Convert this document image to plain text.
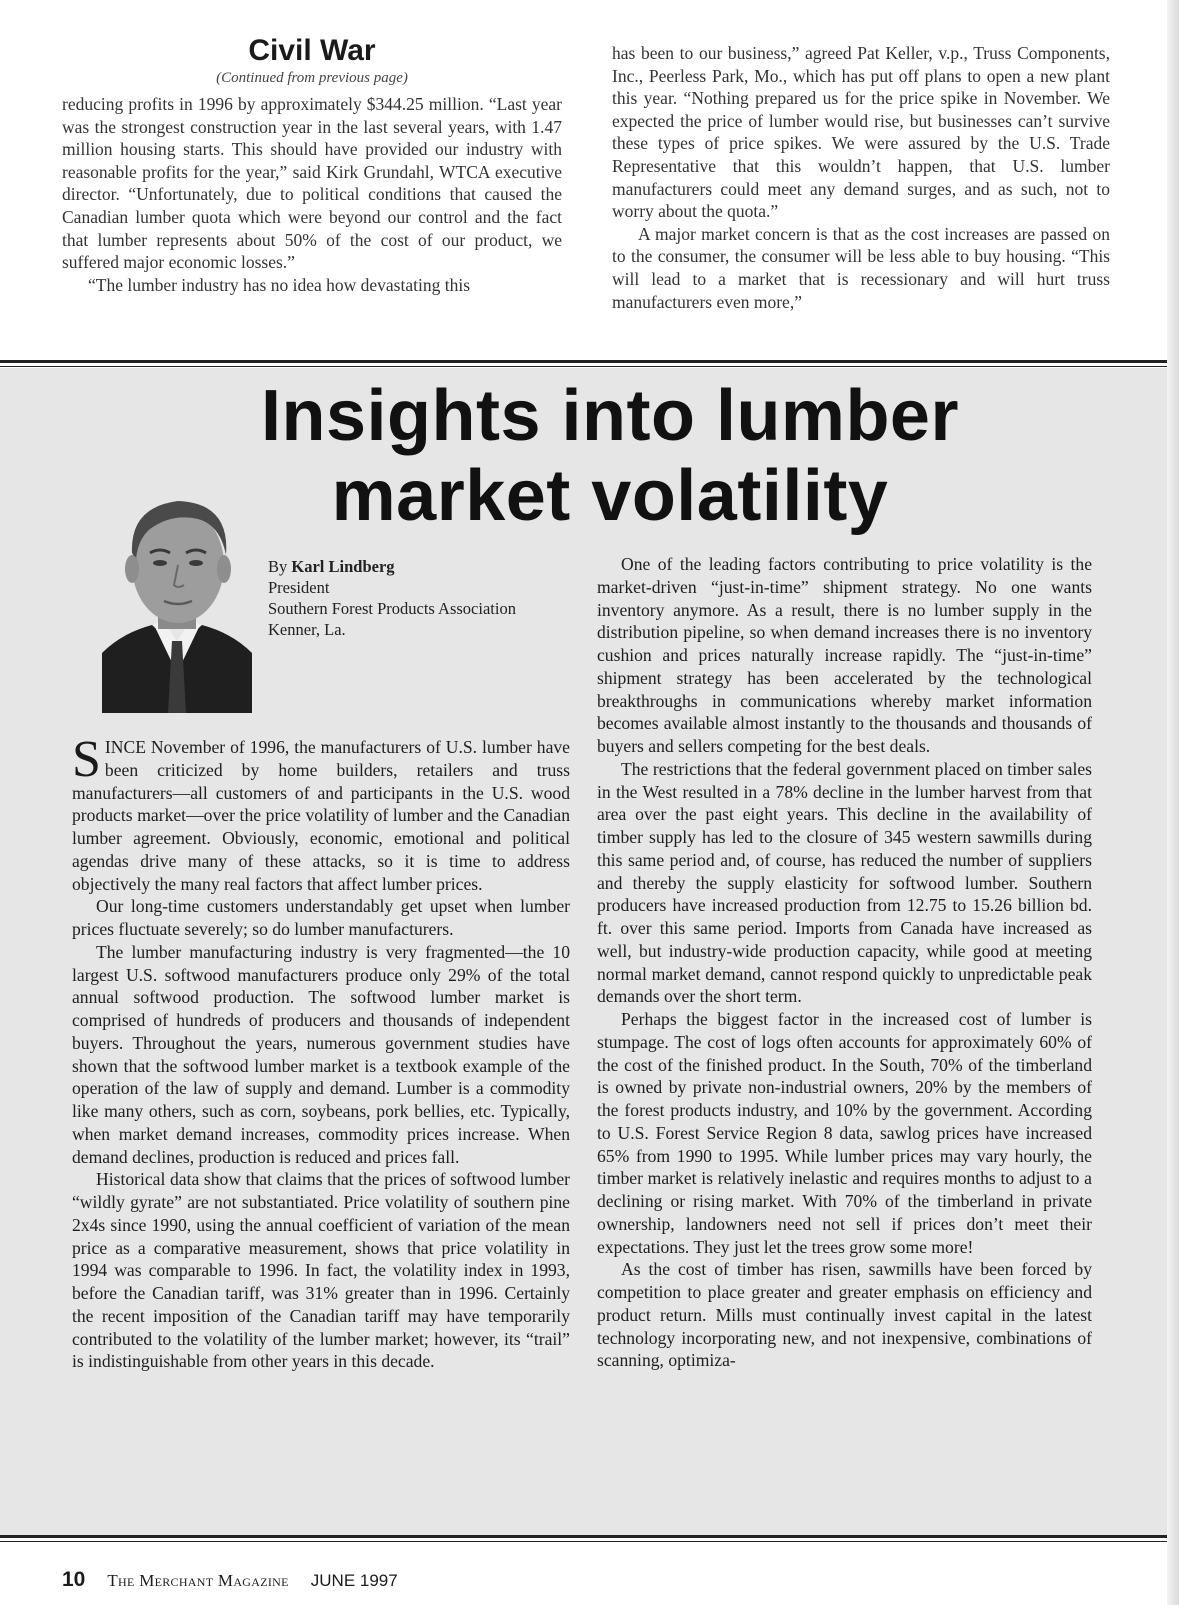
Civil War
(Continued from previous page)

reducing profits in 1996 by approximately $344.25 million. “Last year was the strongest construction year in the last several years, with 1.47 million housing starts. This should have provided our industry with reasonable profits for the year,” said Kirk Grundahl, WTCA executive director. “Unfortunately, due to political conditions that caused the Canadian lumber quota which were beyond our control and the fact that lumber represents about 50% of the cost of our product, we suffered major economic losses.”

“The lumber industry has no idea how devastating this

has been to our business,” agreed Pat Keller, v.p., Truss Components, Inc., Peerless Park, Mo., which has put off plans to open a new plant this year. “Nothing prepared us for the price spike in November. We expected the price of lumber would rise, but businesses can’t survive these types of price spikes. We were assured by the U.S. Trade Representative that this wouldn’t happen, that U.S. lumber manufacturers could meet any demand surges, and as such, not to worry about the quota.”

A major market concern is that as the cost increases are passed on to the consumer, the consumer will be less able to buy housing. “This will lead to a market that is recessionary and will hurt truss manufacturers even more,”

Insights into lumber
market volatility
By Karl Lindberg
President
Southern Forest Products Association
Kenner, La.

SINCE November of 1996, the manufacturers of U.S. lumber have been criticized by home builders, retailers and truss manufacturers—all customers of and participants in the U.S. wood products market—over the price volatility of lumber and the Canadian lumber agreement. Obviously, economic, emotional and political agendas drive many of these attacks, so it is time to address objectively the many real factors that affect lumber prices.

Our long-time customers understandably get upset when lumber prices fluctuate severely; so do lumber manufacturers.

The lumber manufacturing industry is very fragmented—the 10 largest U.S. softwood manufacturers produce only 29% of the total annual softwood production. The softwood lumber market is comprised of hundreds of producers and thousands of independent buyers. Throughout the years, numerous government studies have shown that the softwood lumber market is a textbook example of the operation of the law of supply and demand. Lumber is a commodity like many others, such as corn, soybeans, pork bellies, etc. Typically, when market demand increases, commodity prices increase. When demand declines, production is reduced and prices fall.

Historical data show that claims that the prices of softwood lumber “wildly gyrate” are not substantiated. Price volatility of southern pine 2x4s since 1990, using the annual coefficient of variation of the mean price as a comparative measurement, shows that price volatility in 1994 was comparable to 1996. In fact, the volatility index in 1993, before the Canadian tariff, was 31% greater than in 1996. Certainly the recent imposition of the Canadian tariff may have temporarily contributed to the volatility of the lumber market; however, its “trail” is indistinguishable from other years in this decade.

One of the leading factors contributing to price volatility is the market-driven “just-in-time” shipment strategy. No one wants inventory anymore. As a result, there is no lumber supply in the distribution pipeline, so when demand increases there is no inventory cushion and prices naturally increase rapidly. The “just-in-time” shipment strategy has been accelerated by the technological breakthroughs in communications whereby market information becomes available almost instantly to the thousands and thousands of buyers and sellers competing for the best deals.

The restrictions that the federal government placed on timber sales in the West resulted in a 78% decline in the lumber harvest from that area over the past eight years. This decline in the availability of timber supply has led to the closure of 345 western sawmills during this same period and, of course, has reduced the number of suppliers and thereby the supply elasticity for softwood lumber. Southern producers have increased production from 12.75 to 15.26 billion bd. ft. over this same period. Imports from Canada have increased as well, but industry-wide production capacity, while good at meeting normal market demand, cannot respond quickly to unpredictable peak demands over the short term.

Perhaps the biggest factor in the increased cost of lumber is stumpage. The cost of logs often accounts for approximately 60% of the cost of the finished product. In the South, 70% of the timberland is owned by private non-industrial owners, 20% by the members of the forest products industry, and 10% by the government. According to U.S. Forest Service Region 8 data, sawlog prices have increased 65% from 1990 to 1995. While lumber prices may vary hourly, the timber market is relatively inelastic and requires months to adjust to a declining or rising market. With 70% of the timberland in private ownership, landowners need not sell if prices don’t meet their expectations. They just let the trees grow some more!

As the cost of timber has risen, sawmills have been forced by competition to place greater and greater emphasis on efficiency and product return. Mills must continually invest capital in the latest technology incorporating new, and not inexpensive, combinations of scanning, optimiza-

10 The Merchant Magazine JUNE 1997
